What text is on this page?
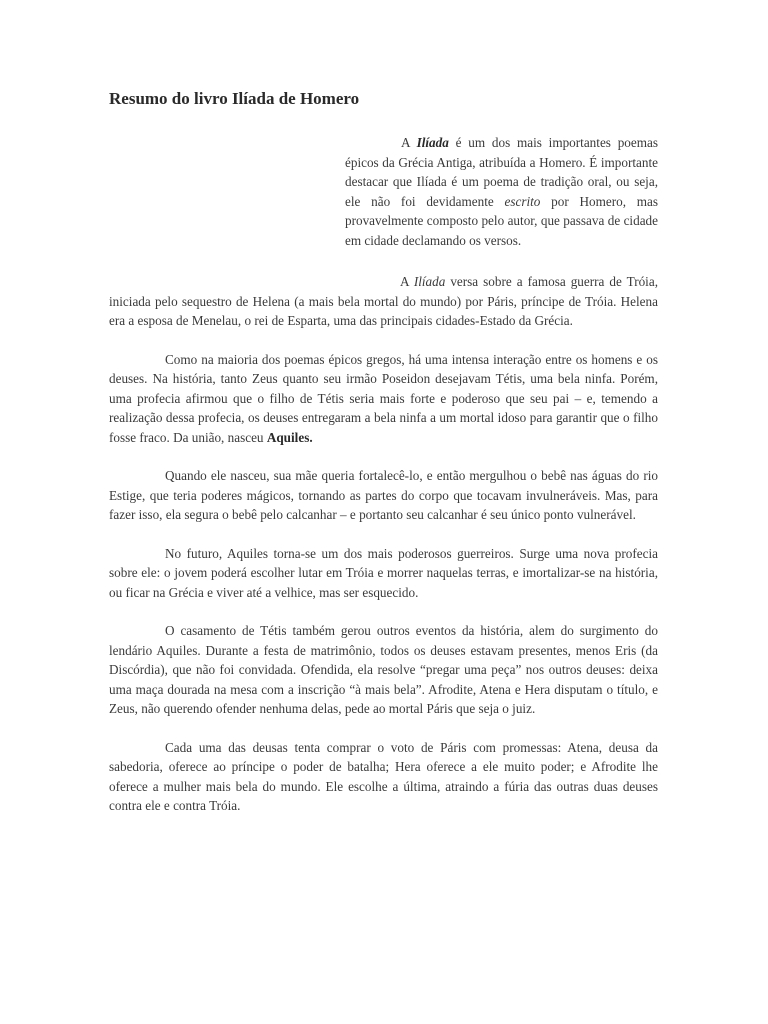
Resumo do livro Ilíada de Homero

A Ilíada é um dos mais importantes poemas épicos da Grécia Antiga, atribuída a Homero. É importante destacar que Ilíada é um poema de tradição oral, ou seja, ele não foi devidamente escrito por Homero, mas provavelmente composto pelo autor, que passava de cidade em cidade declamando os versos.

A Ilíada versa sobre a famosa guerra de Tróia, iniciada pelo sequestro de Helena (a mais bela mortal do mundo) por Páris, príncipe de Tróia. Helena era a esposa de Menelau, o rei de Esparta, uma das principais cidades-Estado da Grécia.

Como na maioria dos poemas épicos gregos, há uma intensa interação entre os homens e os deuses. Na história, tanto Zeus quanto seu irmão Poseidon desejavam Tétis, uma bela ninfa. Porém, uma profecia afirmou que o filho de Tétis seria mais forte e poderoso que seu pai – e, temendo a realização dessa profecia, os deuses entregaram a bela ninfa a um mortal idoso para garantir que o filho fosse fraco. Da união, nasceu Aquiles.

Quando ele nasceu, sua mãe queria fortalecê-lo, e então mergulhou o bebê nas águas do rio Estige, que teria poderes mágicos, tornando as partes do corpo que tocavam invulneráveis. Mas, para fazer isso, ela segura o bebê pelo calcanhar – e portanto seu calcanhar é seu único ponto vulnerável.

No futuro, Aquiles torna-se um dos mais poderosos guerreiros. Surge uma nova profecia sobre ele: o jovem poderá escolher lutar em Tróia e morrer naquelas terras, e imortalizar-se na história, ou ficar na Grécia e viver até a velhice, mas ser esquecido.

O casamento de Tétis também gerou outros eventos da história, alem do surgimento do lendário Aquiles. Durante a festa de matrimônio, todos os deuses estavam presentes, menos Eris (da Discórdia), que não foi convidada. Ofendida, ela resolve “pregar uma peça” nos outros deuses: deixa uma maça dourada na mesa com a inscrição “à mais bela”. Afrodite, Atena e Hera disputam o título, e Zeus, não querendo ofender nenhuma delas, pede ao mortal Páris que seja o juiz.

Cada uma das deusas tenta comprar o voto de Páris com promessas: Atena, deusa da sabedoria, oferece ao príncipe o poder de batalha; Hera oferece a ele muito poder; e Afrodite lhe oferece a mulher mais bela do mundo. Ele escolhe a última, atraindo a fúria das outras duas deuses contra ele e contra Tróia.
